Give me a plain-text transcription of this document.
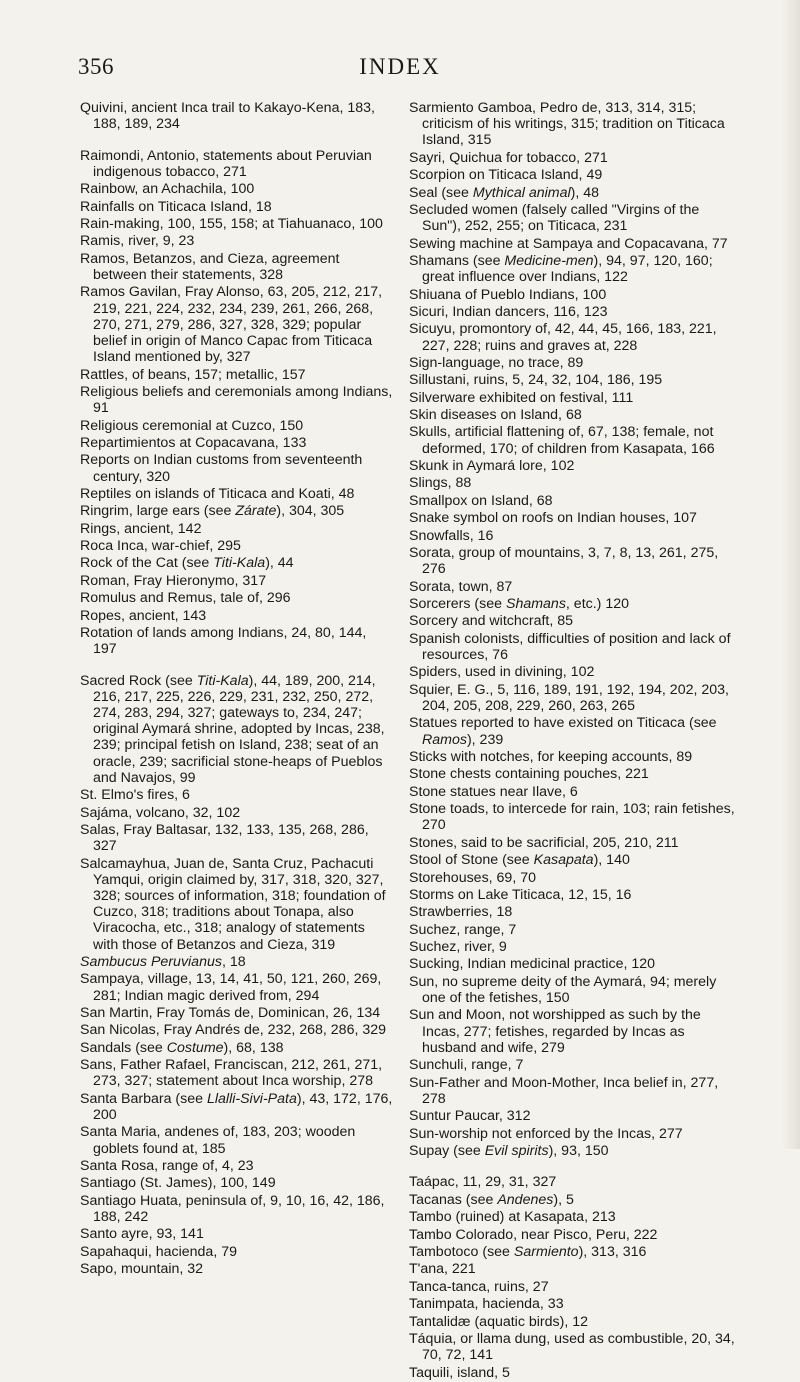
356	INDEX

Quivini, ancient Inca trail to Kakayo-Kena, 183, 188, 189, 234

Raimondi, Antonio, statements about Peruvian indigenous tobacco, 271

Rainbow, an Achachila, 100

Rainfalls on Titicaca Island, 18

Rain-making, 100, 155, 158; at Tiahuanaco, 100

Ramis, river, 9, 23

Ramos, Betanzos, and Cieza, agreement between their statements, 328

Ramos Gavilan, Fray Alonso, 63, 205, 212, 217, 219, 221, 224, 232, 234, 239, 261, 266, 268, 270, 271, 279, 286, 327, 328, 329; popular belief in origin of Manco Capac from Titicaca Island mentioned by, 327

Rattles, of beans, 157; metallic, 157

Religious beliefs and ceremonials among Indians, 91

Religious ceremonial at Cuzco, 150

Repartimientos at Copacavana, 133

Reports on Indian customs from seventeenth century, 320

Reptiles on islands of Titicaca and Koati, 48

Ringrim, large ears (see Zárate), 304, 305

Rings, ancient, 142

Roca Inca, war-chief, 295

Rock of the Cat (see Titi-Kala), 44

Roman, Fray Hieronymo, 317

Romulus and Remus, tale of, 296

Ropes, ancient, 143

Rotation of lands among Indians, 24, 80, 144, 197

Sacred Rock (see Titi-Kala), 44, 189, 200, 214, 216, 217, 225, 226, 229, 231, 232, 250, 272, 274, 283, 294, 327; gateways to, 234, 247; original Aymará shrine, adopted by Incas, 238, 239; principal fetish on Island, 238; seat of an oracle, 239; sacrificial stone-heaps of Pueblos and Navajos, 99

St. Elmo's fires, 6

Sajáma, volcano, 32, 102

Salas, Fray Baltasar, 132, 133, 135, 268, 286, 327

Salcamayhua, Juan de, Santa Cruz, Pachacuti Yamqui, origin claimed by, 317, 318, 320, 327, 328; sources of information, 318; foundation of Cuzco, 318; traditions about Tonapa, also Viracocha, etc., 318; analogy of statements with those of Betanzos and Cieza, 319

Sambucus Peruvianus, 18

Sampaya, village, 13, 14, 41, 50, 121, 260, 269, 281; Indian magic derived from, 294

San Martin, Fray Tomás de, Dominican, 26, 134

San Nicolas, Fray Andrés de, 232, 268, 286, 329

Sandals (see Costume), 68, 138

Sans, Father Rafael, Franciscan, 212, 261, 271, 273, 327; statement about Inca worship, 278

Santa Barbara (see Llalli-Sivi-Pata), 43, 172, 176, 200

Santa Maria, andenes of, 183, 203; wooden goblets found at, 185

Santa Rosa, range of, 4, 23

Santiago (St. James), 100, 149

Santiago Huata, peninsula of, 9, 10, 16, 42, 186, 188, 242

Santo ayre, 93, 141

Sapahaqui, hacienda, 79

Sapo, mountain, 32

Sarmiento Gamboa, Pedro de, 313, 314, 315; criticism of his writings, 315; tradition on Titicaca Island, 315

Sayri, Quichua for tobacco, 271

Scorpion on Titicaca Island, 49

Seal (see Mythical animal), 48

Secluded women (falsely called "Virgins of the Sun"), 252, 255; on Titicaca, 231

Sewing machine at Sampaya and Copacavana, 77

Shamans (see Medicine-men), 94, 97, 120, 160; great influence over Indians, 122

Shiuana of Pueblo Indians, 100

Sicuri, Indian dancers, 116, 123

Sicuyu, promontory of, 42, 44, 45, 166, 183, 221, 227, 228; ruins and graves at, 228

Sign-language, no trace, 89

Sillustani, ruins, 5, 24, 32, 104, 186, 195

Silverware exhibited on festival, 111

Skin diseases on Island, 68

Skulls, artificial flattening of, 67, 138; female, not deformed, 170; of children from Kasapata, 166

Skunk in Aymará lore, 102

Slings, 88

Smallpox on Island, 68

Snake symbol on roofs on Indian houses, 107

Snowfalls, 16

Sorata, group of mountains, 3, 7, 8, 13, 261, 275, 276

Sorata, town, 87

Sorcerers (see Shamans, etc.) 120

Sorcery and witchcraft, 85

Spanish colonists, difficulties of position and lack of resources, 76

Spiders, used in divining, 102

Squier, E. G., 5, 116, 189, 191, 192, 194, 202, 203, 204, 205, 208, 229, 260, 263, 265

Statues reported to have existed on Titicaca (see Ramos), 239

Sticks with notches, for keeping accounts, 89

Stone chests containing pouches, 221

Stone statues near Ilave, 6

Stone toads, to intercede for rain, 103; rain fetishes, 270

Stones, said to be sacrificial, 205, 210, 211

Stool of Stone (see Kasapata), 140

Storehouses, 69, 70

Storms on Lake Titicaca, 12, 15, 16

Strawberries, 18

Suchez, range, 7

Suchez, river, 9

Sucking, Indian medicinal practice, 120

Sun, no supreme deity of the Aymará, 94; merely one of the fetishes, 150

Sun and Moon, not worshipped as such by the Incas, 277; fetishes, regarded by Incas as husband and wife, 279

Sunchuli, range, 7

Sun-Father and Moon-Mother, Inca belief in, 277, 278

Suntur Paucar, 312

Sun-worship not enforced by the Incas, 277

Supay (see Evil spirits), 93, 150

Taápac, 11, 29, 31, 327

Tacanas (see Andenes), 5

Tambo (ruined) at Kasapata, 213

Tambo Colorado, near Pisco, Peru, 222

Tambotoco (see Sarmiento), 313, 316

T'ana, 221

Tanca-tanca, ruins, 27

Tanimpata, hacienda, 33

Tantalidæ (aquatic birds), 12

Táquia, or llama dung, used as combustible, 20, 34, 70, 72, 141

Taquili, island, 5
